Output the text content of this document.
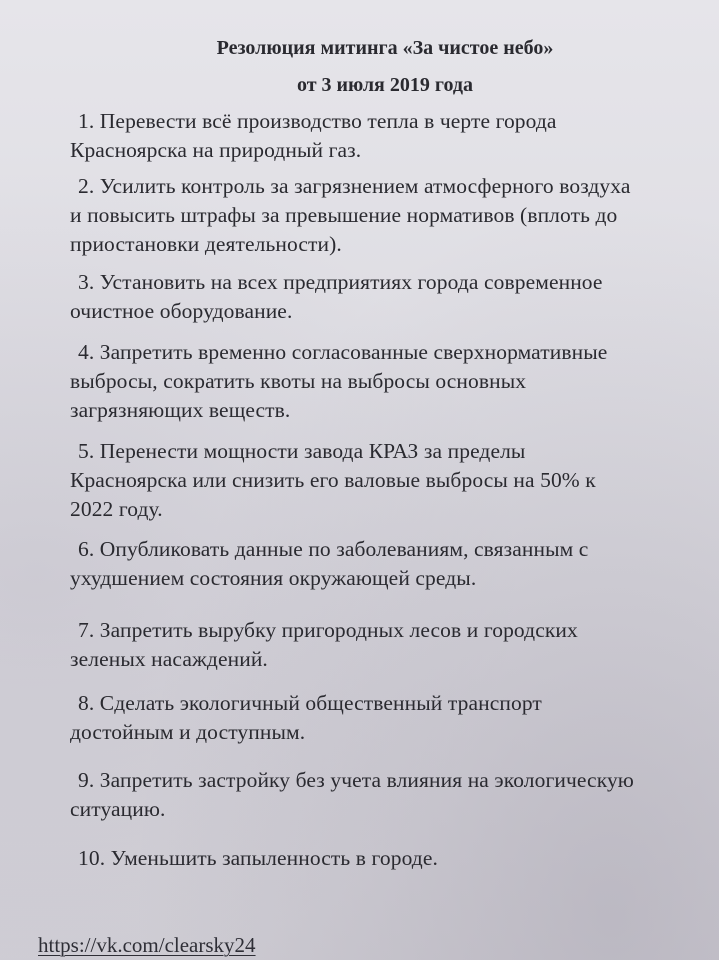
Резолюция митинга «За чистое небо»
от 3 июля 2019 года
1. Перевести всё производство тепла в черте города
Красноярска на природный газ.
2. Усилить контроль за загрязнением атмосферного воздуха
и повысить штрафы за превышение нормативов (вплоть до
приостановки деятельности).
3. Установить на всех предприятиях города современное
очистное оборудование.
4. Запретить временно согласованные сверхнормативные
выбросы, сократить квоты на выбросы основных
загрязняющих веществ.
5. Перенести мощности завода КРАЗ за пределы
Красноярска или снизить его валовые выбросы на 50% к
2022 году.
6. Опубликовать данные по заболеваниям, связанным с
ухудшением состояния окружающей среды.
7. Запретить вырубку пригородных лесов и городских
зеленых насаждений.
8. Сделать экологичный общественный транспорт
достойным и доступным.
9. Запретить застройку без учета влияния на экологическую
ситуацию.
10. Уменьшить запыленность в городе.
https://vk.com/clearsky24
